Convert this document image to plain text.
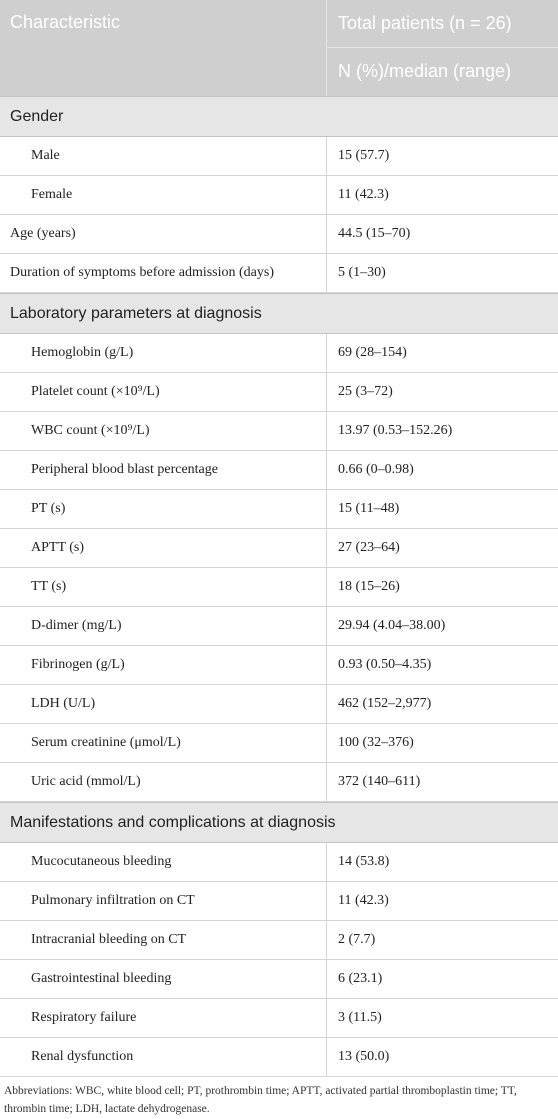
Characteristic	Total patients (n = 26)
N (%)/median (range)
Gender
Male	15 (57.7)
Female	11 (42.3)
Age (years)	44.5 (15–70)
Duration of symptoms before admission (days)	5 (1–30)
Laboratory parameters at diagnosis
Hemoglobin (g/L)	69 (28–154)
Platelet count (×10⁹/L)	25 (3–72)
WBC count (×10⁹/L)	13.97 (0.53–152.26)
Peripheral blood blast percentage	0.66 (0–0.98)
PT (s)	15 (11–48)
APTT (s)	27 (23–64)
TT (s)	18 (15–26)
D-dimer (mg/L)	29.94 (4.04–38.00)
Fibrinogen (g/L)	0.93 (0.50–4.35)
LDH (U/L)	462 (152–2,977)
Serum creatinine (μmol/L)	100 (32–376)
Uric acid (mmol/L)	372 (140–611)
Manifestations and complications at diagnosis
Mucocutaneous bleeding	14 (53.8)
Pulmonary infiltration on CT	11 (42.3)
Intracranial bleeding on CT	2 (7.7)
Gastrointestinal bleeding	6 (23.1)
Respiratory failure	3 (11.5)
Renal dysfunction	13 (50.0)
Abbreviations: WBC, white blood cell; PT, prothrombin time; APTT, activated partial thromboplastin time; TT, thrombin time; LDH, lactate dehydrogenase.
